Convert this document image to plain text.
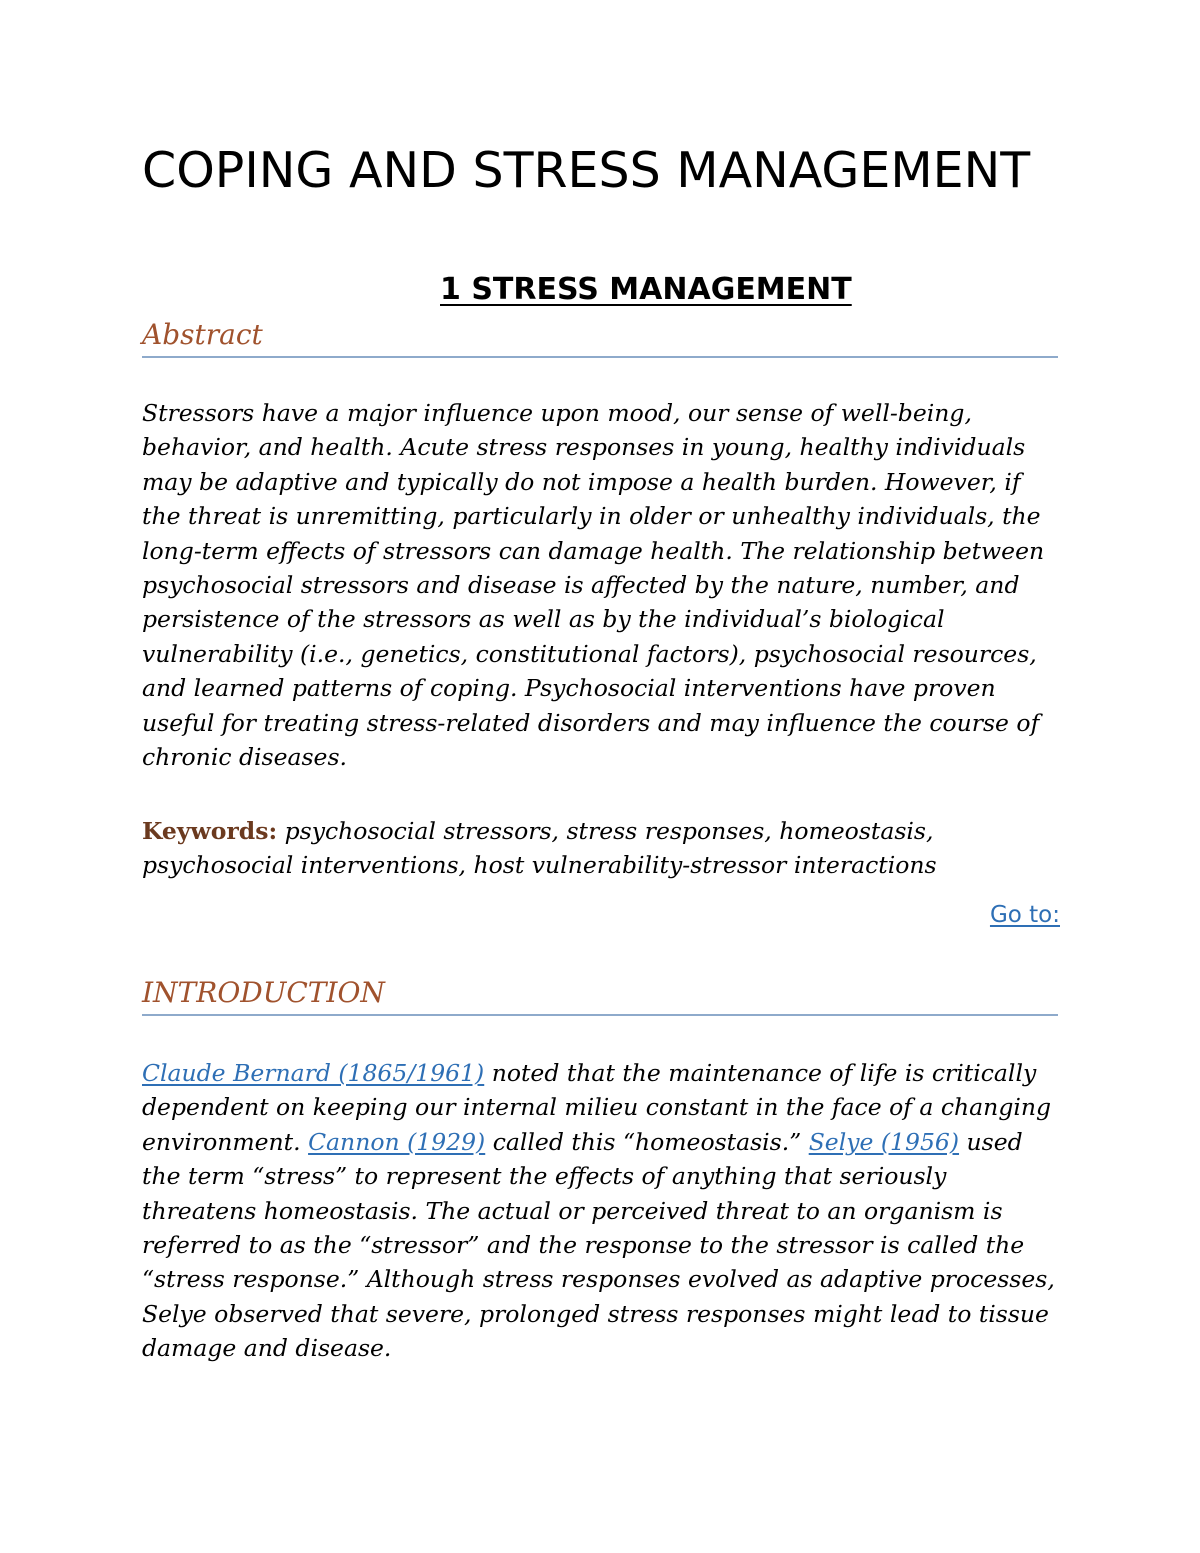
COPING AND STRESS MANAGEMENT
1 STRESS MANAGEMENT
Abstract

Stressors have a major influence upon mood, our sense of well-being, behavior, and health. Acute stress responses in young, healthy individuals may be adaptive and typically do not impose a health burden. However, if the threat is unremitting, particularly in older or unhealthy individuals, the long-term effects of stressors can damage health. The relationship between psychosocial stressors and disease is affected by the nature, number, and persistence of the stressors as well as by the individual’s biological vulnerability (i.e., genetics, constitutional factors), psychosocial resources, and learned patterns of coping. Psychosocial interventions have proven useful for treating stress-related disorders and may influence the course of chronic diseases.

Keywords: psychosocial stressors, stress responses, homeostasis, psychosocial interventions, host vulnerability-stressor interactions

Go to:
INTRODUCTION

Claude Bernard (1865/1961) noted that the maintenance of life is critically dependent on keeping our internal milieu constant in the face of a changing environment. Cannon (1929) called this “homeostasis.” Selye (1956) used the term “stress” to represent the effects of anything that seriously threatens homeostasis. The actual or perceived threat to an organism is referred to as the “stressor” and the response to the stressor is called the “stress response.” Although stress responses evolved as adaptive processes, Selye observed that severe, prolonged stress responses might lead to tissue damage and disease.
